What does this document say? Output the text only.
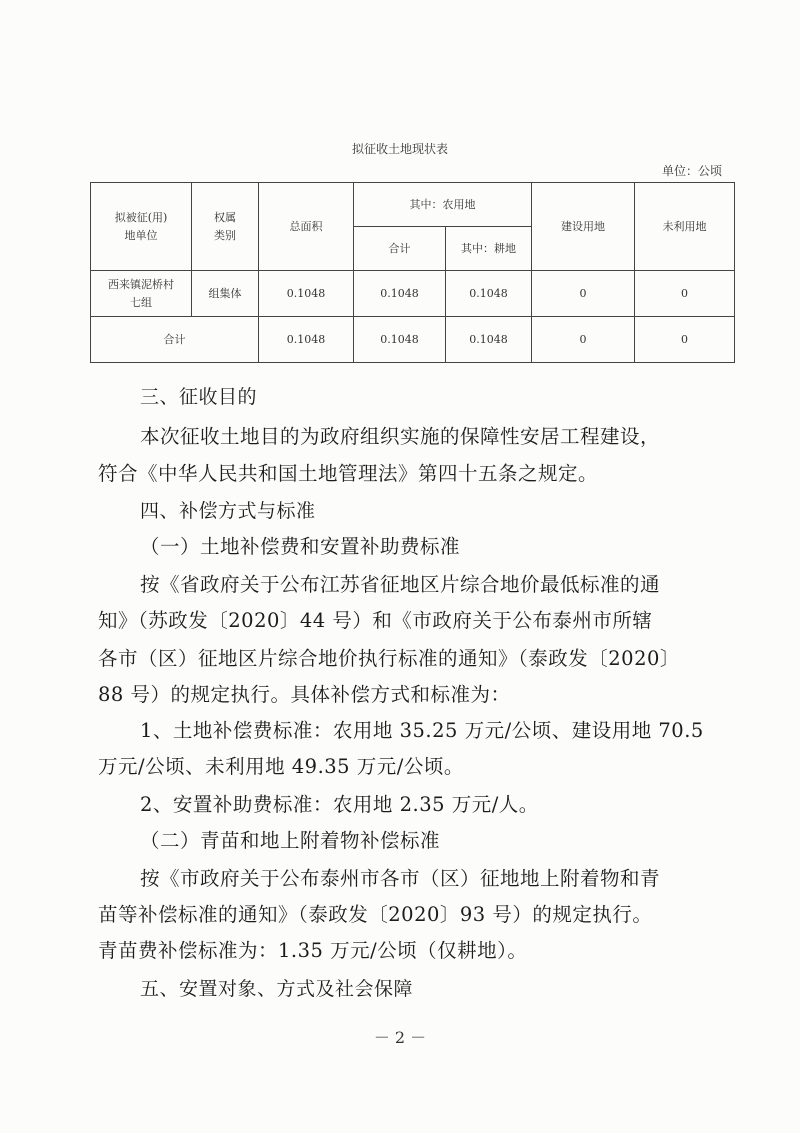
拟征收土地现状表
单位：公顷
拟被征(用)
地单位	权属
类别	总面积	其中：农用地		建设用地	未利用地
			合计	其中：耕地		
西来镇泥桥村
七组	组集体	0.1048	0.1048	0.1048	0	0
合计		0.1048	0.1048	0.1048	0	0
三、征收目的
本次征收土地目的为政府组织实施的保障性安居工程建设，
符合《中华人民共和国土地管理法》第四十五条之规定。
四、补偿方式与标准
（一）土地补偿费和安置补助费标准
按《省政府关于公布江苏省征地区片综合地价最低标准的通
知》（苏政发〔2020〕44 号）和《市政府关于公布泰州市所辖
各市（区）征地区片综合地价执行标准的通知》（泰政发〔2020〕
88 号）的规定执行。具体补偿方式和标准为：
1、土地补偿费标准：农用地 35.25 万元/公顷、建设用地 70.5
万元/公顷、未利用地 49.35 万元/公顷。
2、安置补助费标准：农用地 2.35 万元/人。
（二）青苗和地上附着物补偿标准
按《市政府关于公布泰州市各市（区）征地地上附着物和青
苗等补偿标准的通知》（泰政发〔2020〕93 号）的规定执行。
青苗费补偿标准为：1.35 万元/公顷（仅耕地）。
五、安置对象、方式及社会保障
－ 2 －
